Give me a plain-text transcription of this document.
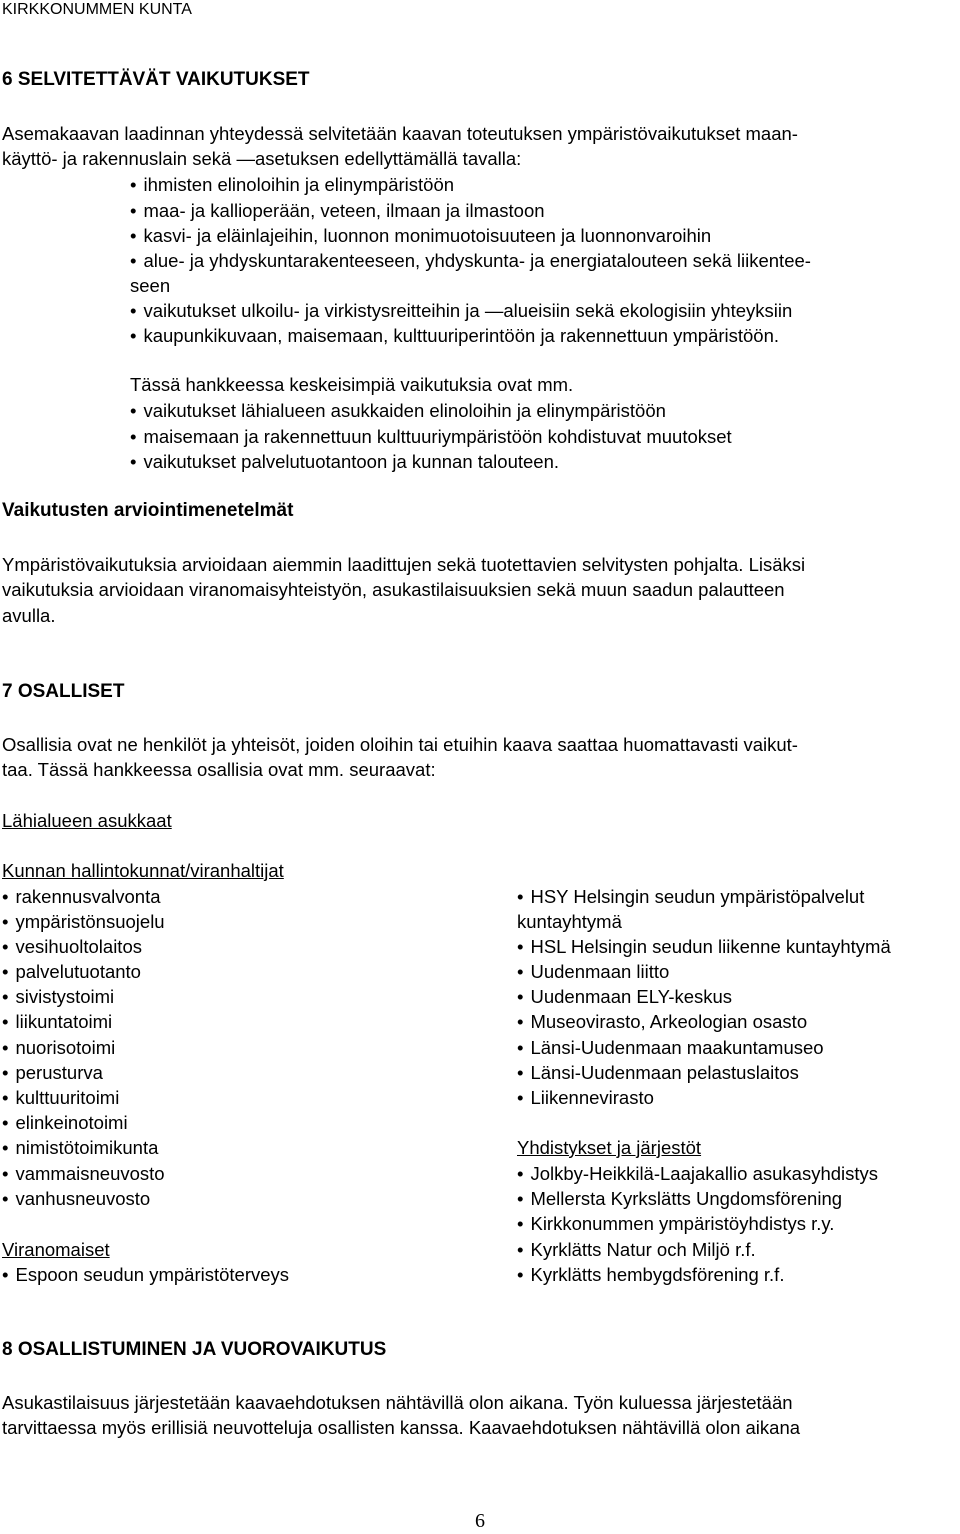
KIRKKONUMMEN KUNTA
6 SELVITETTÄVÄT VAIKUTUKSET
Asemakaavan laadinnan yhteydessä selvitetään kaavan toteutuksen ympäristövaikutukset maan-
käyttö- ja rakennuslain sekä —asetuksen edellyttämällä tavalla:
• ihmisten elinoloihin ja elinympäristöön
• maa- ja kallioperään, veteen, ilmaan ja ilmastoon
• kasvi- ja eläinlajeihin, luonnon monimuotoisuuteen ja luonnonvaroihin
• alue- ja yhdyskuntarakenteeseen, yhdyskunta- ja energiatalouteen sekä liikentee-
seen
• vaikutukset ulkoilu- ja virkistysreitteihin ja —alueisiin sekä ekologisiin yhteyksiin
• kaupunkikuvaan, maisemaan, kulttuuriperintöön ja rakennettuun ympäristöön.
Tässä hankkeessa keskeisimpiä vaikutuksia ovat mm.
• vaikutukset lähialueen asukkaiden elinoloihin ja elinympäristöön
• maisemaan ja rakennettuun kulttuuriympäristöön kohdistuvat muutokset
• vaikutukset palvelutuotantoon ja kunnan talouteen.
Vaikutusten arviointimenetelmät
Ympäristövaikutuksia arvioidaan aiemmin laadittujen sekä tuotettavien selvitysten pohjalta. Lisäksi
vaikutuksia arvioidaan viranomaisyhteistyön, asukastilaisuuksien sekä muun saadun palautteen
avulla.
7 OSALLISET
Osallisia ovat ne henkilöt ja yhteisöt, joiden oloihin tai etuihin kaava saattaa huomattavasti vaikut-
taa. Tässä hankkeessa osallisia ovat mm. seuraavat:
Lähialueen asukkaat
Kunnan hallintokunnat/viranhaltijat
• rakennusvalvonta
• ympäristönsuojelu
• vesihuoltolaitos
• palvelutuotanto
• sivistystoimi
• liikuntatoimi
• nuorisotoimi
• perusturva
• kulttuuritoimi
• elinkeinotoimi
• nimistötoimikunta
• vammaisneuvosto
• vanhusneuvosto
Viranomaiset
• Espoon seudun ympäristöterveys
• HSY Helsingin seudun ympäristöpalvelut
kuntayhtymä
• HSL Helsingin seudun liikenne kuntayhtymä
• Uudenmaan liitto
• Uudenmaan ELY-keskus
• Museovirasto, Arkeologian osasto
• Länsi-Uudenmaan maakuntamuseo
• Länsi-Uudenmaan pelastuslaitos
• Liikennevirasto
Yhdistykset ja järjestöt
• Jolkby-Heikkilä-Laajakallio asukasyhdistys
• Mellersta Kyrkslätts Ungdomsförening
• Kirkkonummen ympäristöyhdistys r.y.
• Kyrklätts Natur och Miljö r.f.
• Kyrklätts hembygdsförening r.f.
8 OSALLISTUMINEN JA VUOROVAIKUTUS
Asukastilaisuus järjestetään kaavaehdotuksen nähtävillä olon aikana. Työn kuluessa järjestetään
tarvittaessa myös erillisiä neuvotteluja osallisten kanssa. Kaavaehdotuksen nähtävillä olon aikana
6
